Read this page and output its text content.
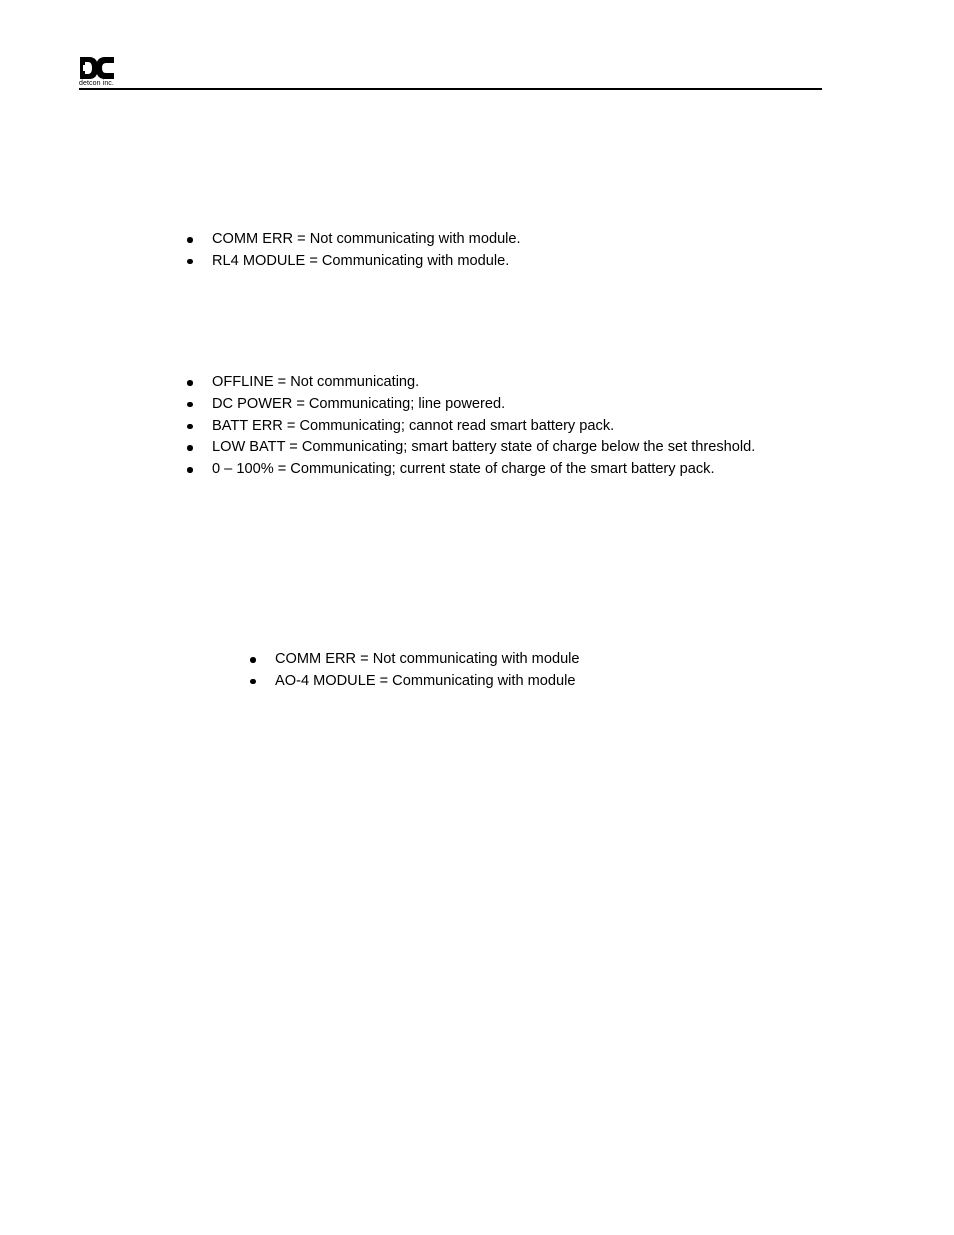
detcon inc.
COMM ERR = Not communicating with module.
RL4 MODULE = Communicating with module.
OFFLINE = Not communicating.
DC POWER = Communicating; line powered.
BATT ERR = Communicating; cannot read smart battery pack.
LOW BATT = Communicating; smart battery state of charge below the set threshold.
0 – 100% = Communicating; current state of charge of the smart battery pack.
COMM ERR = Not communicating with module
AO-4 MODULE = Communicating with module
